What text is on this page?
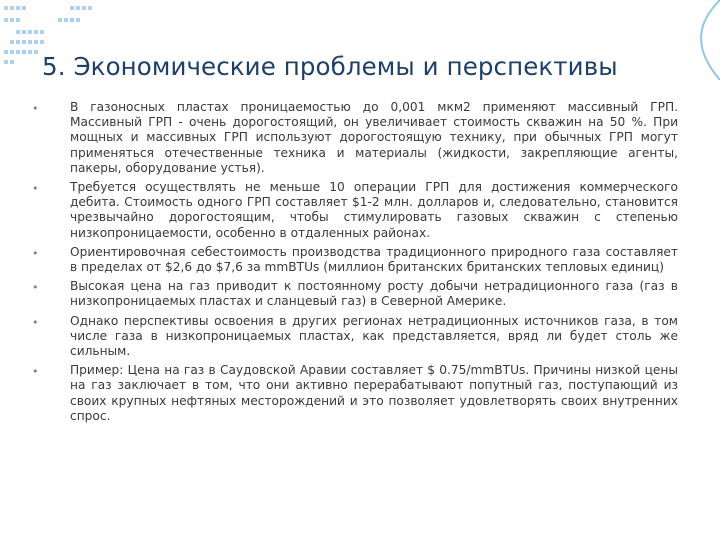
5. Экономические проблемы и перспективы
•	В газоносных пластах проницаемостью до 0,001 мкм2 применяют массивный ГРП. Массивный ГРП - очень дорогостоящий, он увеличивает стоимость скважин на 50 %. При мощных и массивных ГРП используют дорогостоящую технику, при обычных ГРП могут применяться отечественные техника и материалы (жидкости, закрепляющие агенты, пакеры, оборудование устья).
•	Требуется осуществлять не меньше 10 операции ГРП для достижения коммерческого дебита. Стоимость одного ГРП составляет $1-2 млн. долларов и, следовательно, становится чрезвычайно дорогостоящим, чтобы стимулировать газовых скважин с степенью низкопроницаемости, особенно в отдаленных районах.
•	Ориентировочная себестоимость производства традиционного природного газа составляет в пределах от $2,6 до $7,6 за mmBTUs (миллион британских британских тепловых единиц)
•	Высокая цена на газ приводит к постоянному росту добычи нетрадиционного газа (газ в низкопроницаемых пластах и сланцевый газ) в Северной Америке.
•	Однако перспективы освоения в других регионах нетрадиционных источников газа, в том числе газа в низкопроницаемых пластах, как представляется, вряд ли будет столь же сильным.
•	Пример: Цена на газ в Саудовской Аравии составляет $ 0.75/mmBTUs. Причины низкой цены на газ заключает в том, что они активно перерабатывают попутный газ, поступающий из своих крупных нефтяных месторождений и это позволяет удовлетворять своих внутренних спрос.
